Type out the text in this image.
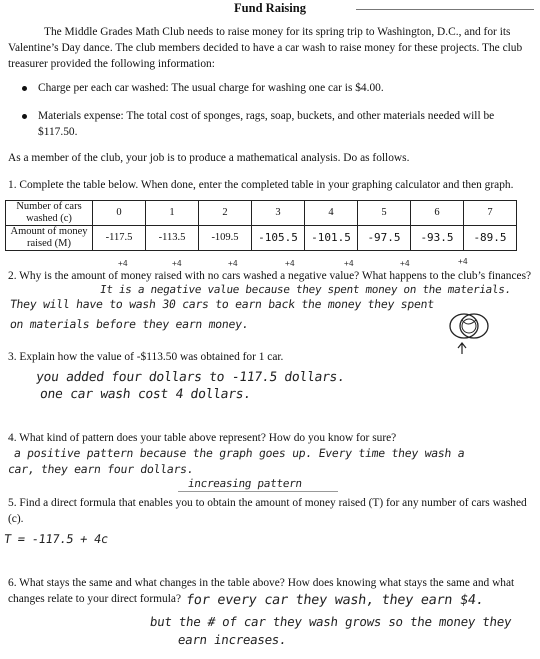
Fund Raising
The Middle Grades Math Club needs to raise money for its spring trip to Washington, D.C., and for its Valentine’s Day dance. The club members decided to have a car wash to raise money for these projects. The club treasurer provided the following information:
Charge per each car washed: The usual charge for washing one car is $4.00.
Materials expense: The total cost of sponges, rags, soap, buckets, and other materials needed will be $117.50.
As a member of the club, your job is to produce a mathematical analysis. Do as follows.
1. Complete the table below. When done, enter the completed table in your graphing calculator and then graph.
Number of cars washed (c)	0	1	2	3	4	5	6	7
Amount of money raised (M)	-117.5	-113.5	-109.5	-105.5	-101.5	-97.5	-93.5	-89.5
+4	+4	+4	+4	+4	+4	+4
2. Why is the amount of money raised with no cars washed a negative value? What happens to the club’s finances?
It is a negative value because they spent money on the materials.
They will have to wash 30 cars to earn back the money they spent
on materials before they earn money.
3. Explain how the value of -$113.50 was obtained for 1 car.
you added four dollars to -117.5 dollars.
one car wash cost 4 dollars.
4. What kind of pattern does your table above represent? How do you know for sure?
a positive pattern because the graph goes up. Every time they wash a
car, they earn four dollars.
increasing pattern
5. Find a direct formula that enables you to obtain the amount of money raised (T) for any number of cars washed (c).
T = -117.5 + 4c
6. What stays the same and what changes in the table above? How does knowing what stays the same and what changes relate to your direct formula? for every car they wash, they earn $4.
but the # of car they wash grows so the money they
earn increases.
